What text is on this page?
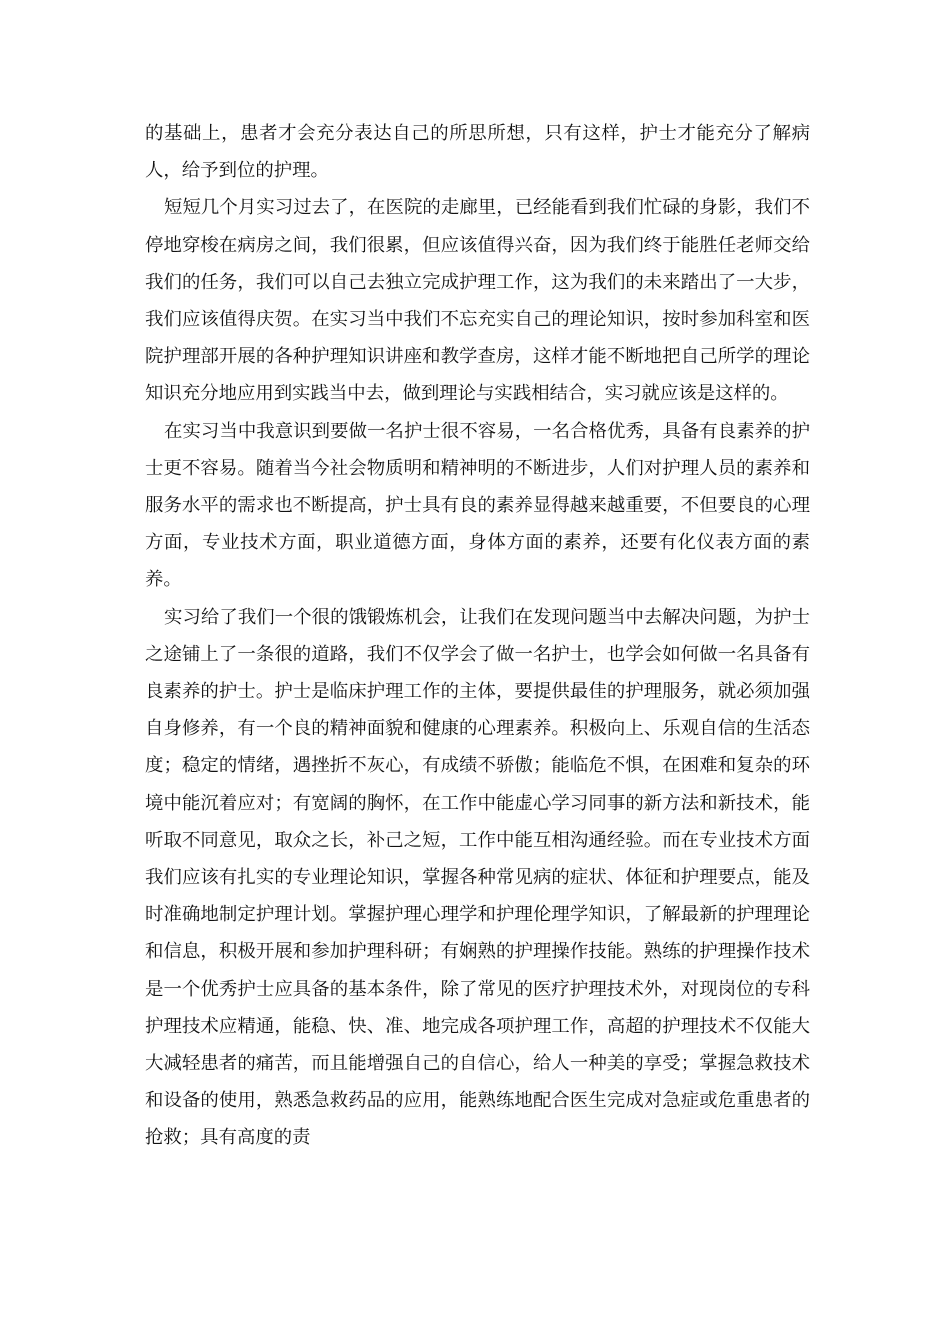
的基础上，患者才会充分表达自己的所思所想，只有这样，护士才能充分了解病人，给予到位的护理。

短短几个月实习过去了，在医院的走廊里，已经能看到我们忙碌的身影，我们不停地穿梭在病房之间，我们很累，但应该值得兴奋，因为我们终于能胜任老师交给我们的任务，我们可以自己去独立完成护理工作，这为我们的未来踏出了一大步，我们应该值得庆贺。在实习当中我们不忘充实自己的理论知识，按时参加科室和医院护理部开展的各种护理知识讲座和教学查房，这样才能不断地把自己所学的理论知识充分地应用到实践当中去，做到理论与实践相结合，实习就应该是这样的。

在实习当中我意识到要做一名护士很不容易，一名合格优秀，具备有良素养的护士更不容易。随着当今社会物质明和精神明的不断进步，人们对护理人员的素养和服务水平的需求也不断提高，护士具有良的素养显得越来越重要，不但要良的心理方面，专业技术方面，职业道德方面，身体方面的素养，还要有化仪表方面的素养。

实习给了我们一个很的饿锻炼机会，让我们在发现问题当中去解决问题，为护士之途铺上了一条很的道路，我们不仅学会了做一名护士，也学会如何做一名具备有良素养的护士。护士是临床护理工作的主体，要提供最佳的护理服务，就必须加强自身修养，有一个良的精神面貌和健康的心理素养。积极向上、乐观自信的生活态度；稳定的情绪，遇挫折不灰心，有成绩不骄傲；能临危不惧，在困难和复杂的环境中能沉着应对；有宽阔的胸怀，在工作中能虚心学习同事的新方法和新技术，能听取不同意见，取众之长，补己之短，工作中能互相沟通经验。而在专业技术方面我们应该有扎实的专业理论知识，掌握各种常见病的症状、体征和护理要点，能及时准确地制定护理计划。掌握护理心理学和护理伦理学知识，了解最新的护理理论和信息，积极开展和参加护理科研；有娴熟的护理操作技能。熟练的护理操作技术是一个优秀护士应具备的基本条件，除了常见的医疗护理技术外，对现岗位的专科护理技术应精通，能稳、快、准、地完成各项护理工作，高超的护理技术不仅能大大减轻患者的痛苦，而且能增强自己的自信心，给人一种美的享受；掌握急救技术和设备的使用，熟悉急救药品的应用，能熟练地配合医生完成对急症或危重患者的抢救；具有高度的责
